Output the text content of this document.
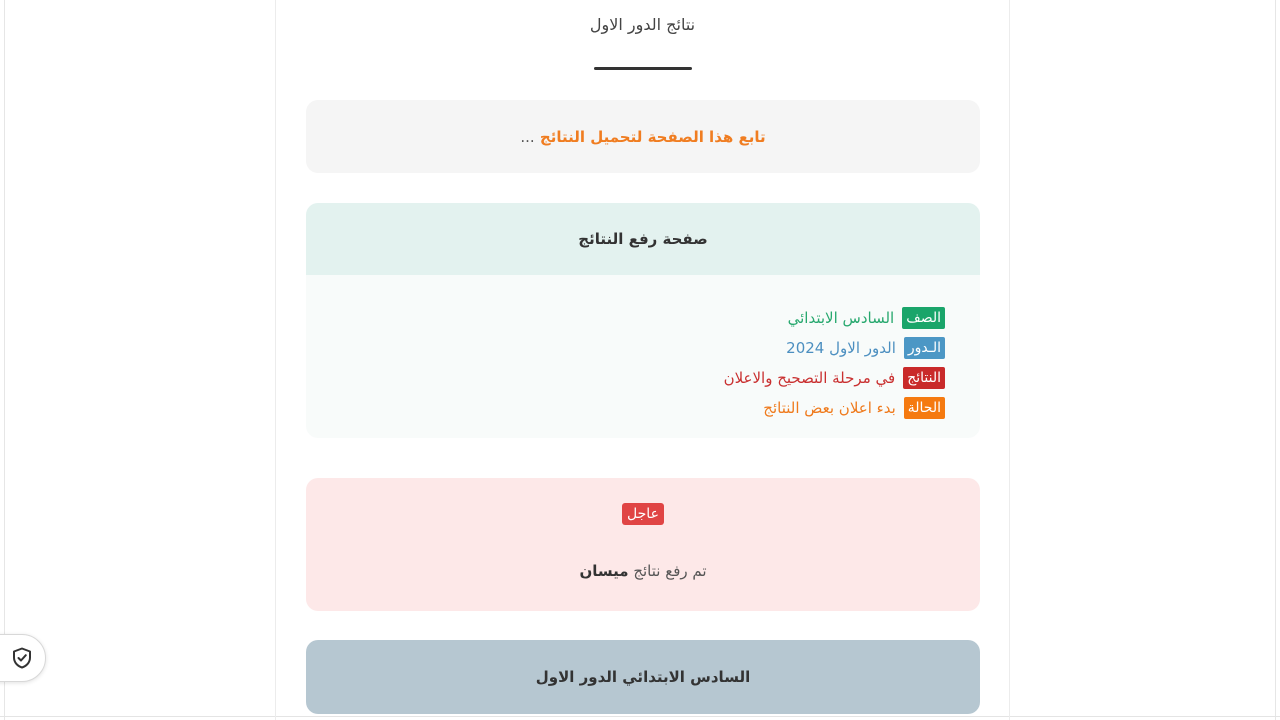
نتائج الدور الاول
تابع هذا الصفحة لتحميل النتائج ...
صفحة رفع النتائج
الصف
السادس الابتدائي
الـدور
الدور الاول 2024
النتائج
في مرحلة التصحيح والاعلان
الحالة
بدء اعلان بعض النتائج
عاجل
تم رفع نتائج ميسان
السادس الابتدائي الدور الاول
